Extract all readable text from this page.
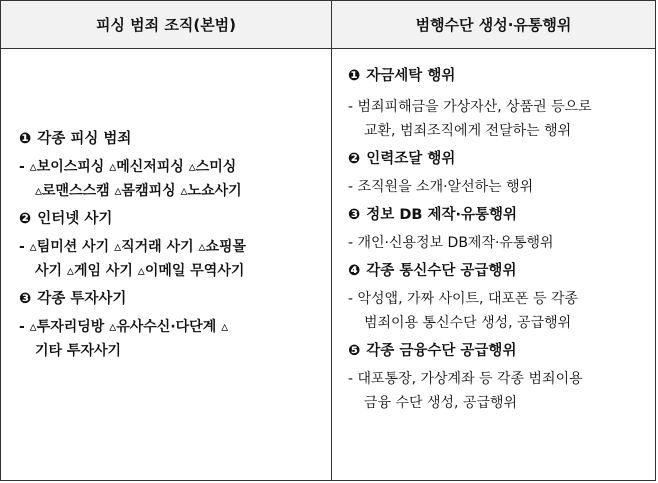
피싱 범죄 조직(본범)	범행수단 생성·유통행위
❶ 각종 피싱 범죄
- ▵보이스피싱 ▵메신저피싱 ▵스미싱
▵로맨스스캠 ▵몸캠피싱 ▵노쇼사기
❷ 인터넷 사기
- ▵팀미션 사기 ▵직거래 사기 ▵쇼핑몰
사기 ▵게임 사기 ▵이메일 무역사기
❸ 각종 투자사기
- ▵투자리딩방 ▵유사수신·다단계 ▵
기타 투자사기
❶ 자금세탁 행위
- 범죄피해금을 가상자산, 상품권 등으로
교환, 범죄조직에게 전달하는 행위
❷ 인력조달 행위
- 조직원을 소개·알선하는 행위
❸ 정보 DB 제작·유통행위
- 개인·신용정보 DB제작·유통행위
❹ 각종 통신수단 공급행위
- 악성앱, 가짜 사이트, 대포폰 등 각종
범죄이용 통신수단 생성, 공급행위
❺ 각종 금융수단 공급행위
- 대포통장, 가상계좌 등 각종 범죄이용
금융 수단 생성, 공급행위
